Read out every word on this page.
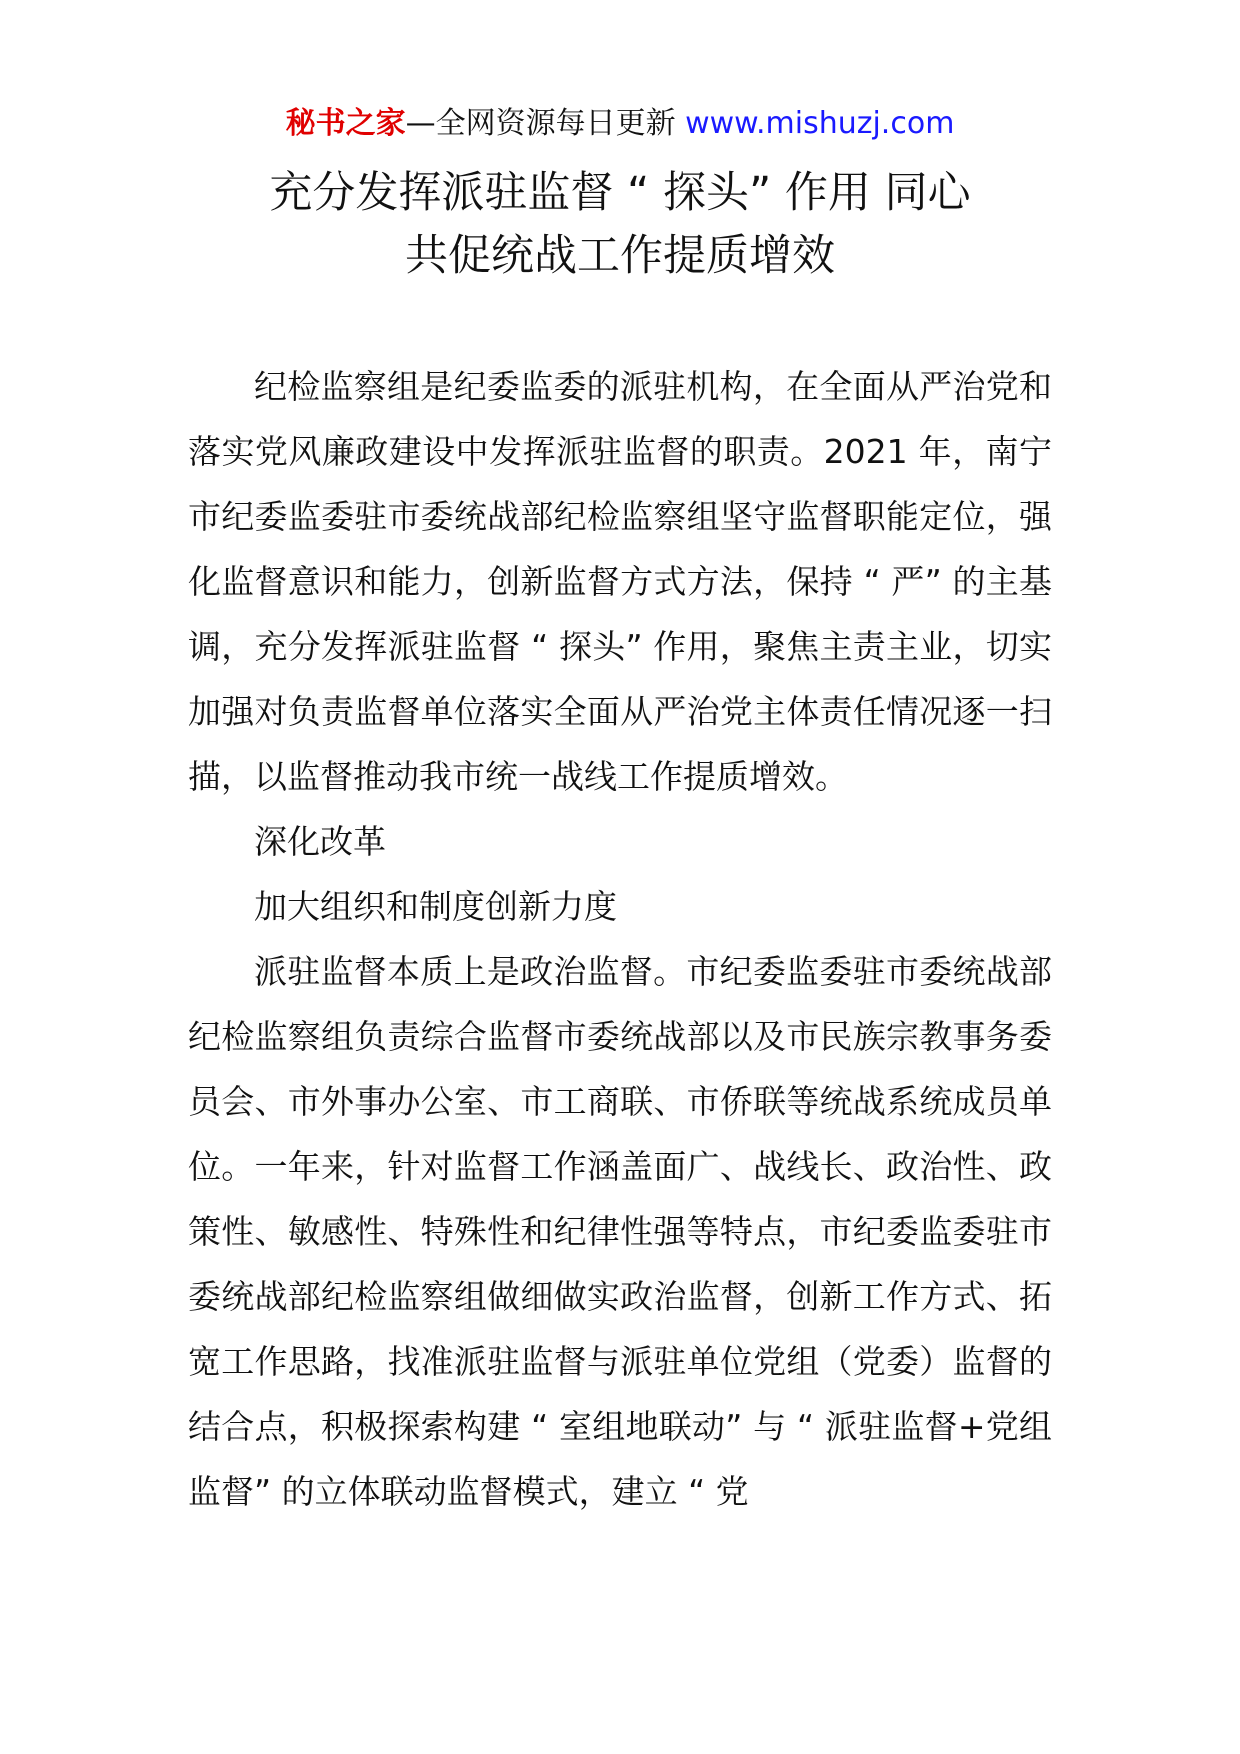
秘书之家—全网资源每日更新 www.mishuzj.com
充分发挥派驻监督 “ 探头” 作用 同心
共促统战工作提质增效

纪检监察组是纪委监委的派驻机构，在全面从严治党和落实党风廉政建设中发挥派驻监督的职责。2021 年，南宁市纪委监委驻市委统战部纪检监察组坚守监督职能定位，强化监督意识和能力，创新监督方式方法，保持 “ 严” 的主基调，充分发挥派驻监督 “ 探头” 作用，聚焦主责主业，切实加强对负责监督单位落实全面从严治党主体责任情况逐一扫描，以监督推动我市统一战线工作提质增效。

深化改革

加大组织和制度创新力度

派驻监督本质上是政治监督。市纪委监委驻市委统战部纪检监察组负责综合监督市委统战部以及市民族宗教事务委员会、市外事办公室、市工商联、市侨联等统战系统成员单位。一年来，针对监督工作涵盖面广、战线长、政治性、政策性、敏感性、特殊性和纪律性强等特点，市纪委监委驻市委统战部纪检监察组做细做实政治监督，创新工作方式、拓宽工作思路，找准派驻监督与派驻单位党组（党委）监督的结合点，积极探索构建 “ 室组地联动” 与 “ 派驻监督+党组监督” 的立体联动监督模式，建立 “ 党
